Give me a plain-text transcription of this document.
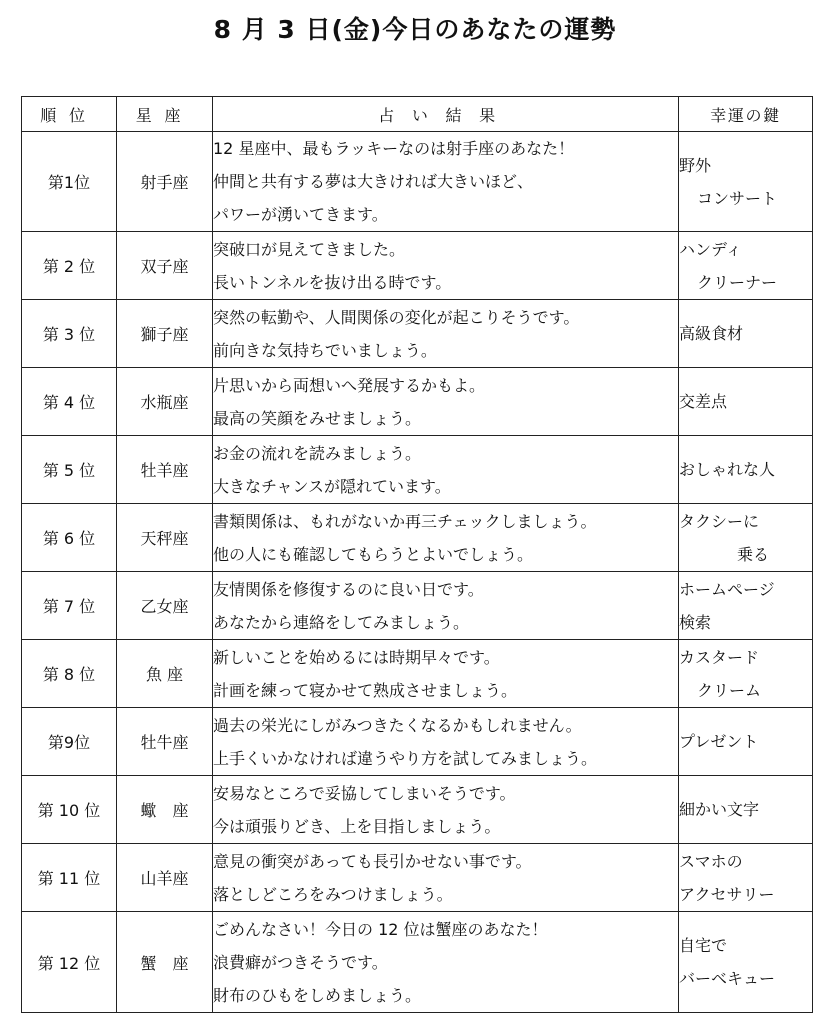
8 月 3 日(金)今日のあなたの運勢
順位	星座	占い結果	幸運の鍵
第1位	射手座	12 星座中、最もラッキーなのは射手座のあなた！
仲間と共有する夢は大きければ大きいほど、
パワーが湧いてきます。	野外
コンサート

第 2 位	双子座	突破口が見えてきました。
長いトンネルを抜け出る時です。	ハンディ
クリーナー

第 3 位	獅子座	突然の転勤や、人間関係の変化が起こりそうです。
前向きな気持ちでいましょう。	高級食材

第 4 位	水瓶座	片思いから両想いへ発展するかもよ。
最高の笑顔をみせましょう。	交差点

第 5 位	牡羊座	お金の流れを読みましょう。
大きなチャンスが隠れています。	おしゃれな人

第 6 位	天秤座	書類関係は、もれがないか再三チェックしましょう。
他の人にも確認してもらうとよいでしょう。	タクシーに
乗る

第 7 位	乙女座	友情関係を修復するのに良い日です。
あなたから連絡をしてみましょう。	ホームページ
検索

第 8 位	魚 座	新しいことを始めるには時期早々です。
計画を練って寝かせて熟成させましょう。	カスタード
クリーム

第9位	牡牛座	過去の栄光にしがみつきたくなるかもしれません。
上手くいかなければ違うやり方を試してみましょう。	プレゼント

第 10 位	蠍　座	安易なところで妥協してしまいそうです。
今は頑張りどき、上を目指しましょう。	細かい文字

第 11 位	山羊座	意見の衝突があっても長引かせない事です。
落としどころをみつけましょう。	スマホの
アクセサリー

第 12 位	蟹　座	ごめんなさい！今日の 12 位は蟹座のあなた！
浪費癖がつきそうです。
財布のひもをしめましょう。	自宅で
バーベキュー
